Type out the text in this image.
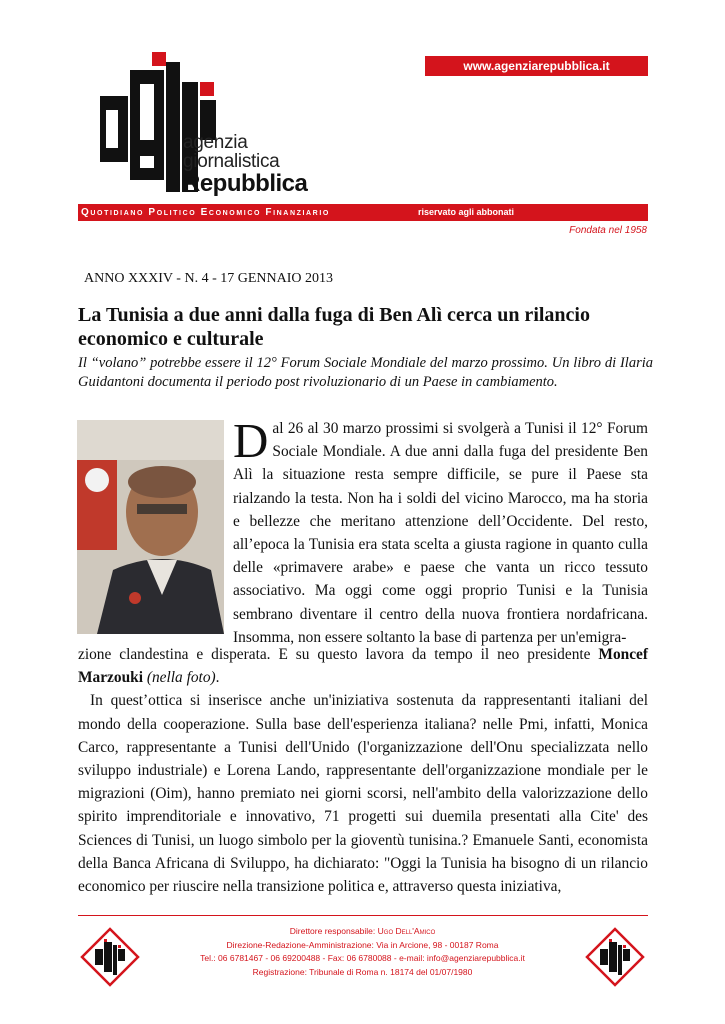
www.agenziarepubblica.it
agenzia
giornalistica
Repubblica
Quotidiano Politico Economico Finanziario	riservato agli abbonati
Fondata nel 1958
ANNO XXXIV - N. 4 - 17 GENNAIO 2013
La Tunisia a due anni dalla fuga di Ben Alì cerca un rilancio economico e culturale
Il “volano” potrebbe essere il 12° Forum Sociale Mondiale del marzo prossimo. Un libro di Ilaria Guidantoni documenta il periodo post rivoluzionario di un Paese in cambiamento.
Dal 26 al 30 marzo prossimi si svolgerà a Tunisi il 12° Forum Sociale Mondiale. A due anni dalla fuga del presidente Ben Alì la situazione resta sempre difficile, se pure il Paese sta rialzando la testa. Non ha i soldi del vicino Marocco, ma ha storia e bellezze che meritano attenzione dell’Occidente. Del resto, all’epoca la Tunisia era stata scelta a giusta ragione in quanto culla delle «primavere arabe» e paese che vanta un ricco tessuto associativo. Ma oggi come oggi proprio Tunisi e la Tunisia sembrano diventare il centro della nuova frontiera nordafricana. Insomma, non essere soltanto la base di partenza per un'emigra-

zione clandestina e disperata. E su questo lavora da tempo il neo presidente Moncef Marzouki (nella foto).

In quest’ottica si inserisce anche un'iniziativa sostenuta da rappresentanti italiani del mondo della cooperazione. Sulla base dell'esperienza italiana? nelle Pmi, infatti, Monica Carco, rappresentante a Tunisi dell'Unido (l'organizzazione dell'Onu specializzata nello sviluppo industriale) e Lorena Lando, rappresentante dell'organizzazione mondiale per le migrazioni (Oim), hanno premiato nei giorni scorsi, nell'ambito della valorizzazione dello spirito imprenditoriale e innovativo, 71 progetti sui duemila presentati alla Cite' des Sciences di Tunisi, un luogo simbolo per la gioventù tunisina.? Emanuele Santi, economista della Banca Africana di Sviluppo, ha dichiarato: "Oggi la Tunisia ha bisogno di un rilancio economico per riuscire nella transizione politica e, attraverso questa iniziativa,

Direttore responsabile: Ugo Dell'Amico
Direzione-Redazione-Amministrazione: Via in Arcione, 98 - 00187 Roma
Tel.: 06 6781467 - 06 69200488 - Fax: 06 6780088 - e-mail: info@agenziarepubblica.it
Registrazione: Tribunale di Roma n. 18174 del 01/07/1980
